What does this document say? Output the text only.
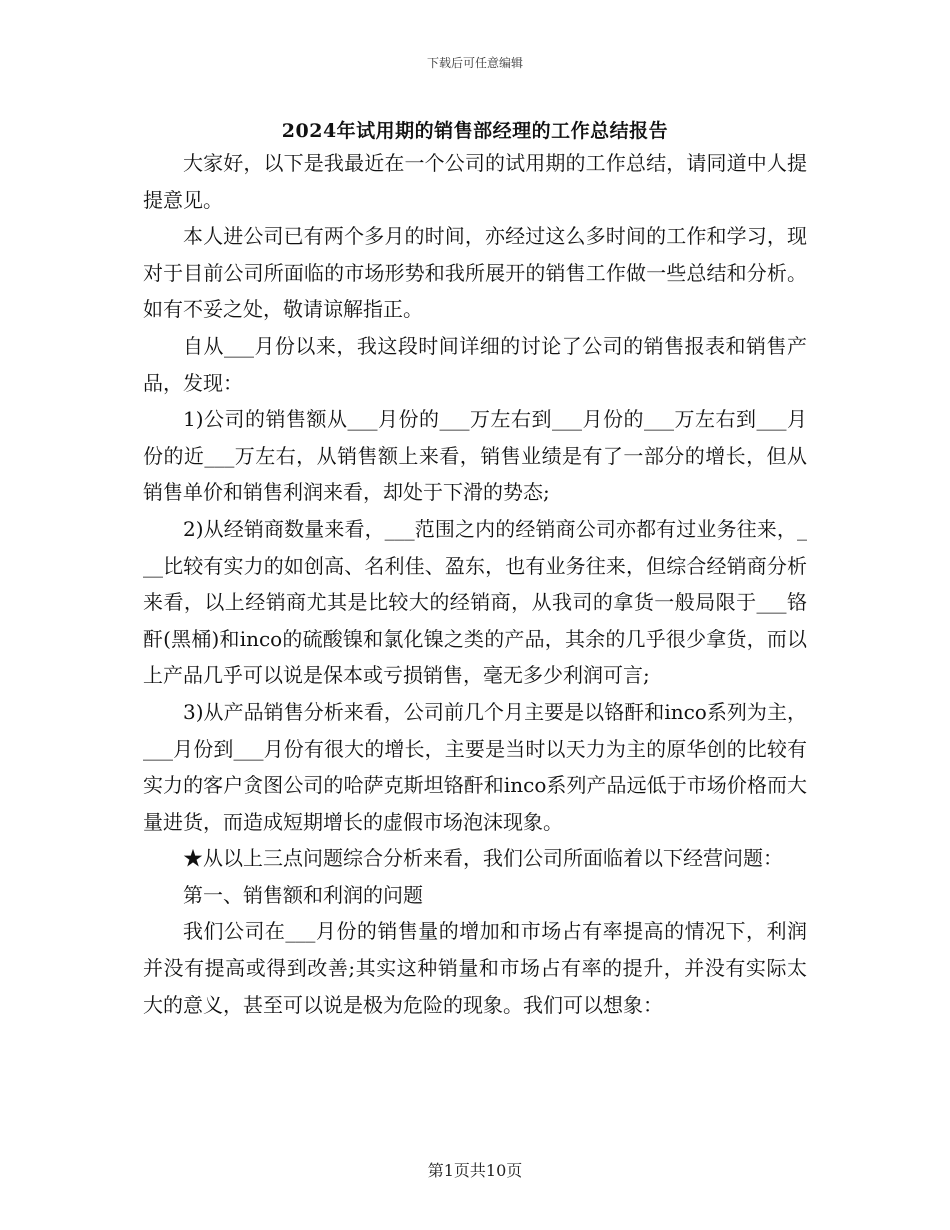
下载后可任意编辑
2024年试用期的销售部经理的工作总结报告

大家好，以下是我最近在一个公司的试用期的工作总结，请同道中人提提意见。

本人进公司已有两个多月的时间，亦经过这么多时间的工作和学习，现对于目前公司所面临的市场形势和我所展开的销售工作做一些总结和分析。如有不妥之处，敬请谅解指正。

自从___月份以来，我这段时间详细的讨论了公司的销售报表和销售产品，发现：

1)公司的销售额从___月份的___万左右到___月份的___万左右到___月份的近___万左右，从销售额上来看，销售业绩是有了一部分的增长，但从销售单价和销售利润来看，却处于下滑的势态;

2)从经销商数量来看，___范围之内的经销商公司亦都有过业务往来，___比较有实力的如创高、名利佳、盈东，也有业务往来，但综合经销商分析来看，以上经销商尤其是比较大的经销商，从我司的拿货一般局限于___铬酐(黑桶)和inco的硫酸镍和氯化镍之类的产品，其余的几乎很少拿货，而以上产品几乎可以说是保本或亏损销售，毫无多少利润可言;

3)从产品销售分析来看，公司前几个月主要是以铬酐和inco系列为主，___月份到___月份有很大的增长，主要是当时以天力为主的原华创的比较有实力的客户贪图公司的哈萨克斯坦铬酐和inco系列产品远低于市场价格而大量进货，而造成短期增长的虚假市场泡沫现象。

★从以上三点问题综合分析来看，我们公司所面临着以下经营问题：

第一、销售额和利润的问题

我们公司在___月份的销售量的增加和市场占有率提高的情况下，利润并没有提高或得到改善;其实这种销量和市场占有率的提升，并没有实际太大的意义，甚至可以说是极为危险的现象。我们可以想象：

第1页共10页
